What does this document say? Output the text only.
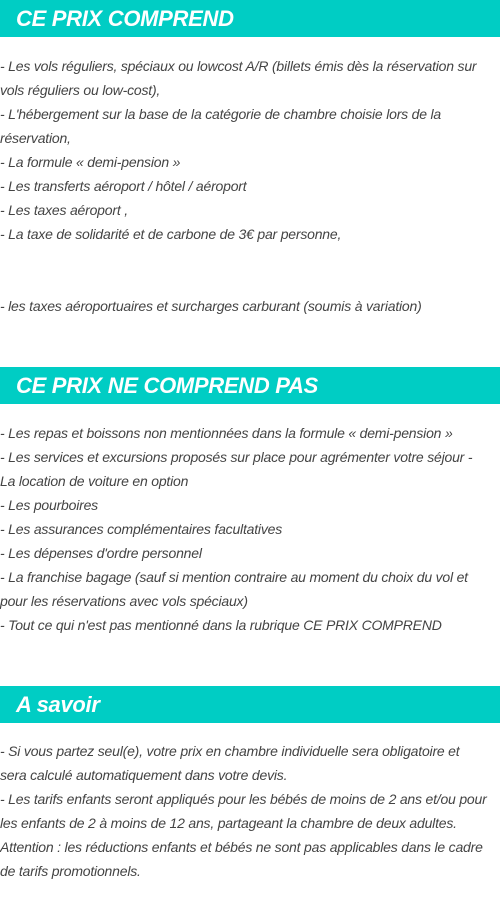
CE PRIX COMPREND
- Les vols réguliers, spéciaux ou lowcost A/R (billets émis dès la réservation sur
vols réguliers ou low-cost),
- L'hébergement sur la base de la catégorie de chambre choisie lors de la
réservation,
- La formule « demi-pension »
- Les transferts aéroport / hôtel / aéroport
- Les taxes aéroport ,
- La taxe de solidarité et de carbone de 3€ par personne,
- les taxes aéroportuaires et surcharges carburant (soumis à variation)
CE PRIX NE COMPREND PAS
- Les repas et boissons non mentionnées dans la formule « demi-pension »
- Les services et excursions proposés sur place pour agrémenter votre séjour -
La location de voiture en option
- Les pourboires
- Les assurances complémentaires facultatives
- Les dépenses d'ordre personnel
- La franchise bagage (sauf si mention contraire au moment du choix du vol et
pour les réservations avec vols spéciaux)
- Tout ce qui n'est pas mentionné dans la rubrique CE PRIX COMPREND
A savoir
- Si vous partez seul(e), votre prix en chambre individuelle sera obligatoire et
sera calculé automatiquement dans votre devis.
- Les tarifs enfants seront appliqués pour les bébés de moins de 2 ans et/ou pour
les enfants de 2 à moins de 12 ans, partageant la chambre de deux adultes.
Attention : les réductions enfants et bébés ne sont pas applicables dans le cadre
de tarifs promotionnels.
